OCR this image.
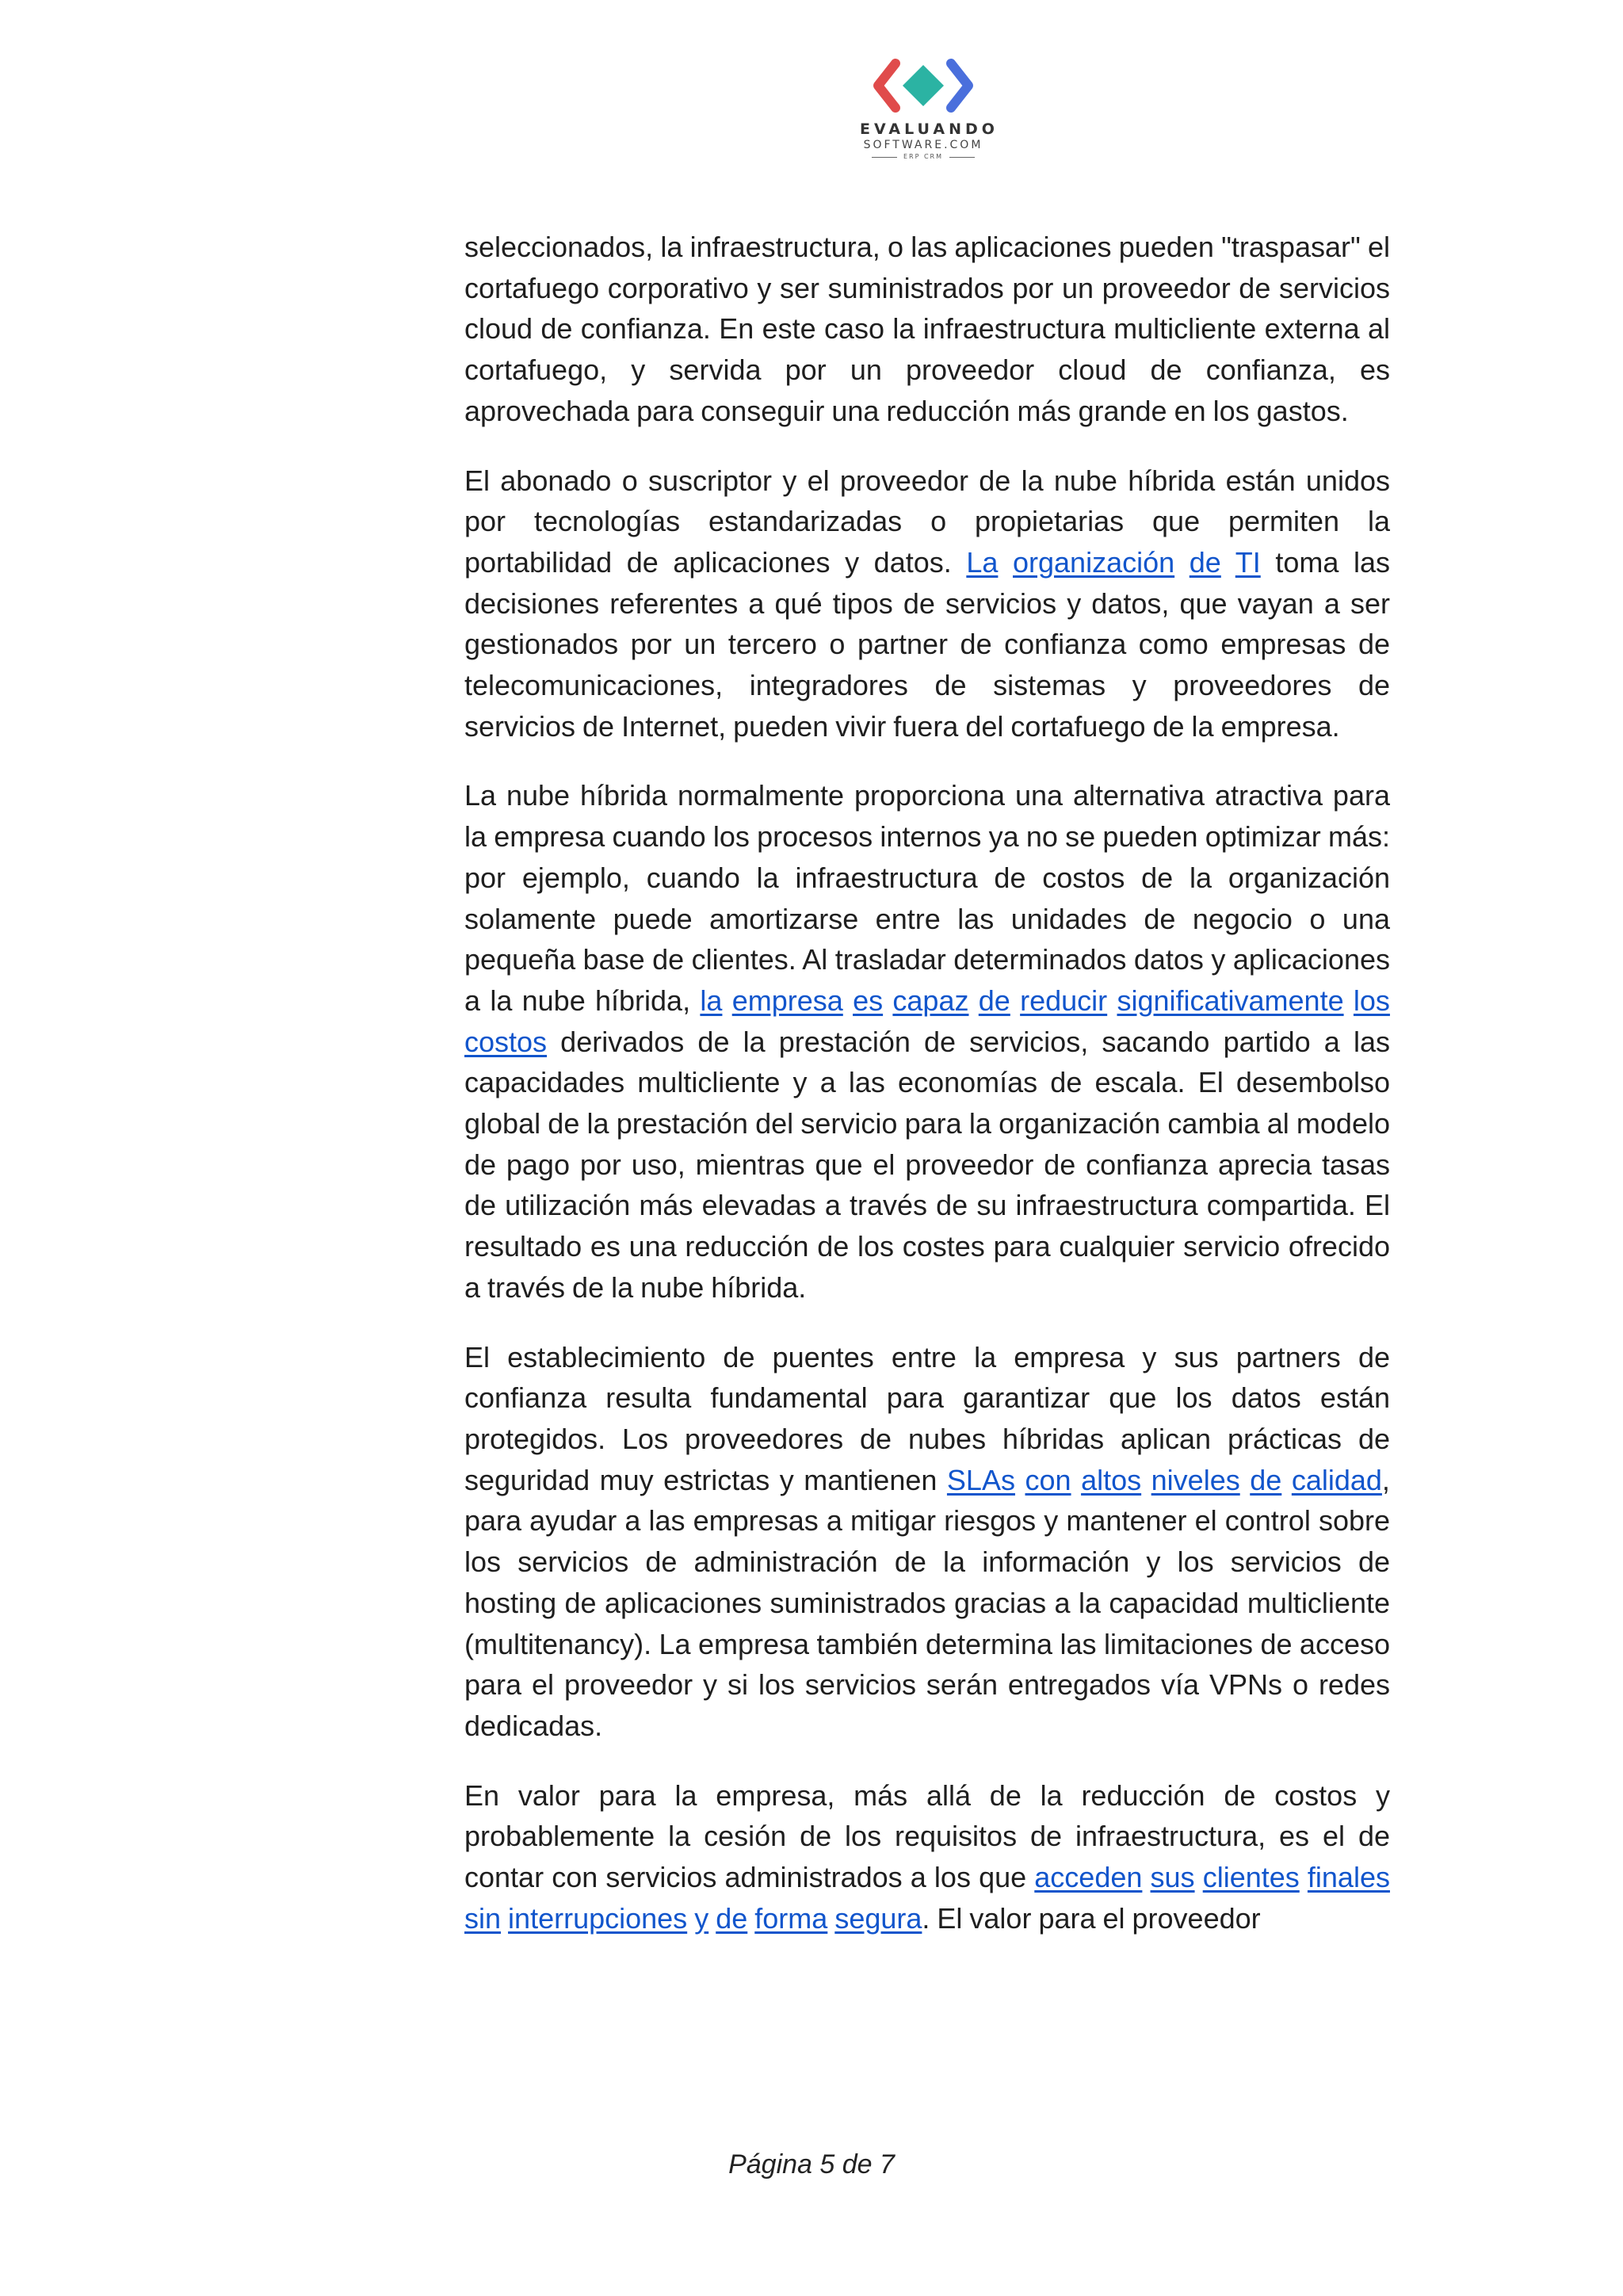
EVALUANDO
SOFTWARE.COM
ERP CRM

seleccionados, la infraestructura, o las aplicaciones pueden "traspasar" el cortafuego corporativo y ser suministrados por un proveedor de servicios cloud de confianza. En este caso la infraestructura multicliente externa al cortafuego, y servida por un proveedor cloud de confianza, es aprovechada para conseguir una reducción más grande en los gastos.

El abonado o suscriptor y el proveedor de la nube híbrida están unidos por tecnologías estandarizadas o propietarias que permiten la portabilidad de aplicaciones y datos. La organización de TI toma las decisiones referentes a qué tipos de servicios y datos, que vayan a ser gestionados por un tercero o partner de confianza como empresas de telecomunicaciones, integradores de sistemas y proveedores de servicios de Internet, pueden vivir fuera del cortafuego de la empresa.

La nube híbrida normalmente proporciona una alternativa atractiva para la empresa cuando los procesos internos ya no se pueden optimizar más: por ejemplo, cuando la infraestructura de costos de la organización solamente puede amortizarse entre las unidades de negocio o una pequeña base de clientes. Al trasladar determinados datos y aplicaciones a la nube híbrida, la empresa es capaz de reducir significativamente los costos derivados de la prestación de servicios, sacando partido a las capacidades multicliente y a las economías de escala. El desembolso global de la prestación del servicio para la organización cambia al modelo de pago por uso, mientras que el proveedor de confianza aprecia tasas de utilización más elevadas a través de su infraestructura compartida. El resultado es una reducción de los costes para cualquier servicio ofrecido a través de la nube híbrida.

El establecimiento de puentes entre la empresa y sus partners de confianza resulta fundamental para garantizar que los datos están protegidos. Los proveedores de nubes híbridas aplican prácticas de seguridad muy estrictas y mantienen SLAs con altos niveles de calidad, para ayudar a las empresas a mitigar riesgos y mantener el control sobre los servicios de administración de la información y los servicios de hosting de aplicaciones suministrados gracias a la capacidad multicliente (multitenancy). La empresa también determina las limitaciones de acceso para el proveedor y si los servicios serán entregados vía VPNs o redes dedicadas.

En valor para la empresa, más allá de la reducción de costos y probablemente la cesión de los requisitos de infraestructura, es el de contar con servicios administrados a los que acceden sus clientes finales sin interrupciones y de forma segura. El valor para el proveedor

Página 5 de 7
